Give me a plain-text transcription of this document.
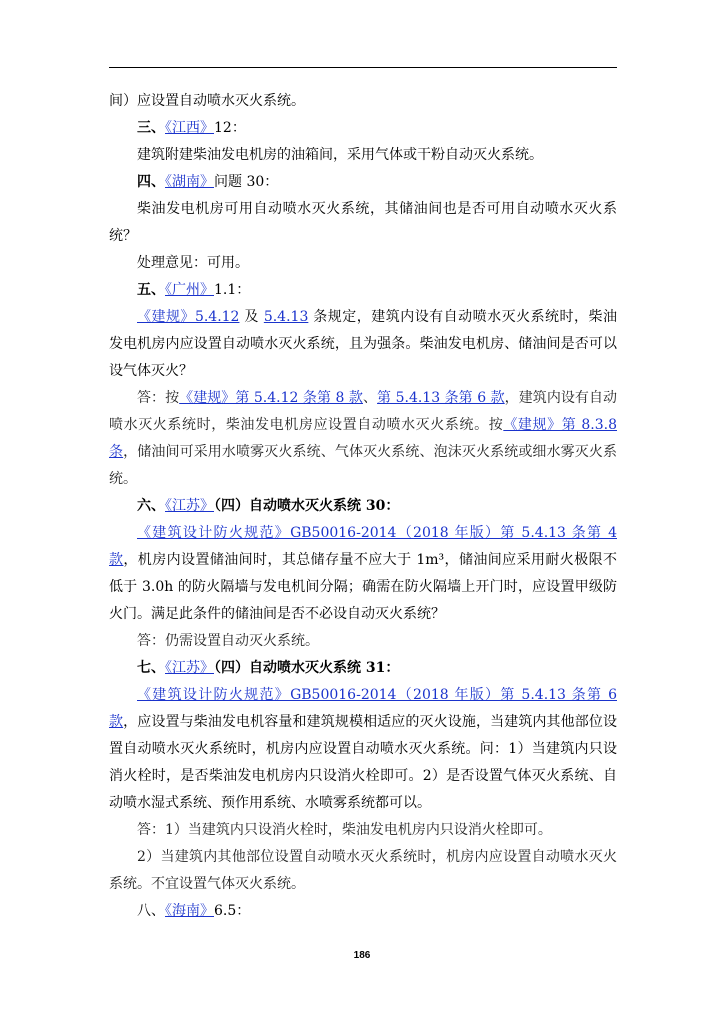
间）应设置自动喷水灭火系统。

三、《江西》12：

建筑附建柴油发电机房的油箱间，采用气体或干粉自动灭火系统。

四、《湖南》问题 30：

柴油发电机房可用自动喷水灭火系统，其储油间也是否可用自动喷水灭火系统？

处理意见：可用。

五、《广州》1.1：

《建规》5.4.12 及 5.4.13 条规定，建筑内设有自动喷水灭火系统时，柴油发电机房内应设置自动喷水灭火系统，且为强条。柴油发电机房、储油间是否可以设气体灭火？

答：按《建规》第 5.4.12 条第 8 款、第 5.4.13 条第 6 款，建筑内设有自动喷水灭火系统时，柴油发电机房应设置自动喷水灭火系统。按《建规》第 8.3.8 条，储油间可采用水喷雾灭火系统、气体灭火系统、泡沫灭火系统或细水雾灭火系统。

六、《江苏》（四）自动喷水灭火系统 30：

《建筑设计防火规范》GB50016-2014（2018 年版）第 5.4.13 条第 4 款，机房内设置储油间时，其总储存量不应大于 1m³，储油间应采用耐火极限不低于 3.0h 的防火隔墙与发电机间分隔；确需在防火隔墙上开门时，应设置甲级防火门。满足此条件的储油间是否不必设自动灭火系统？

答：仍需设置自动灭火系统。

七、《江苏》（四）自动喷水灭火系统 31：

《建筑设计防火规范》GB50016-2014（2018 年版）第 5.4.13 条第 6 款，应设置与柴油发电机容量和建筑规模相适应的灭火设施，当建筑内其他部位设置自动喷水灭火系统时，机房内应设置自动喷水灭火系统。问：1）当建筑内只设消火栓时，是否柴油发电机房内只设消火栓即可。2）是否设置气体灭火系统、自动喷水湿式系统、预作用系统、水喷雾系统都可以。

答：1）当建筑内只设消火栓时，柴油发电机房内只设消火栓即可。

2）当建筑内其他部位设置自动喷水灭火系统时，机房内应设置自动喷水灭火系统。不宜设置气体灭火系统。

八、《海南》6.5：

186
